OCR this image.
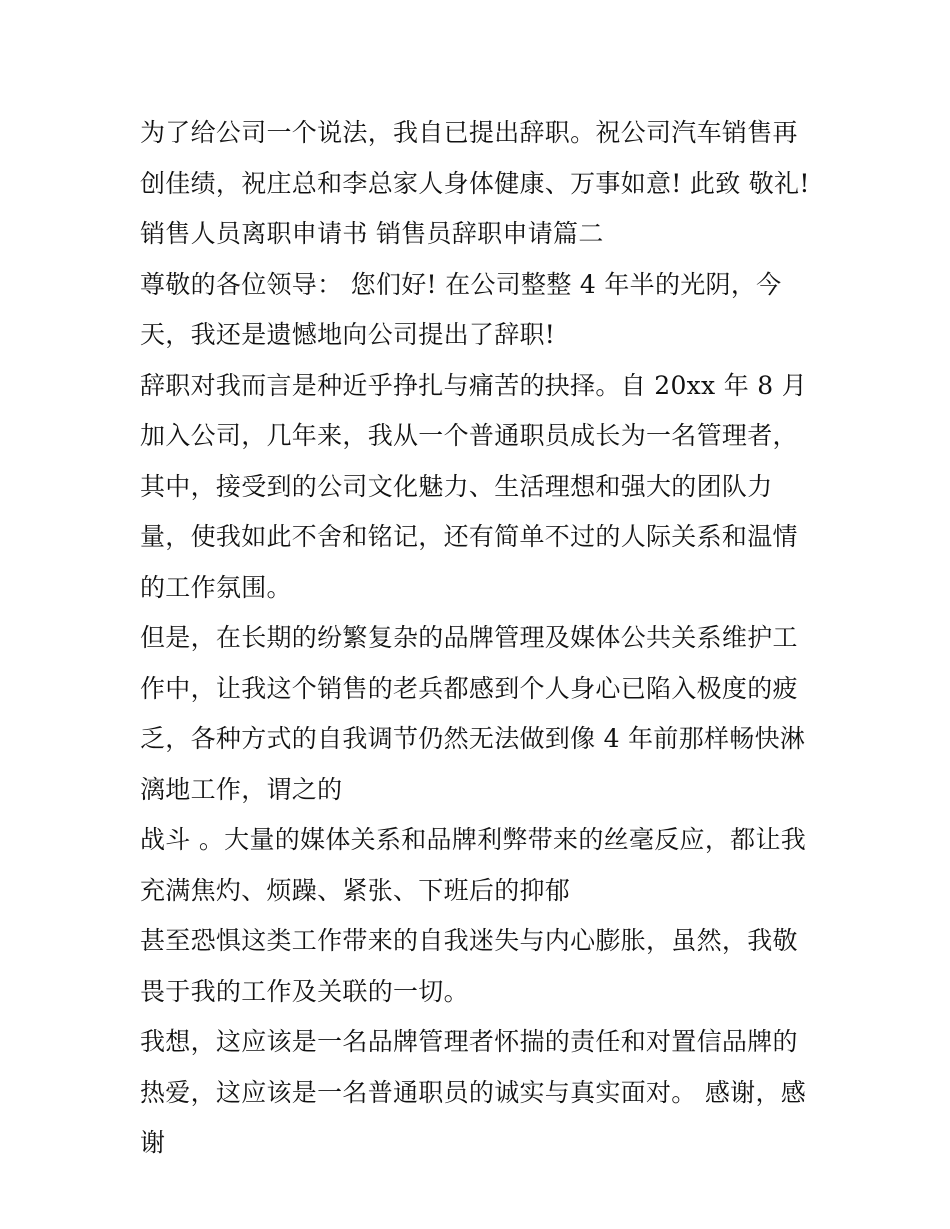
为了给公司一个说法，我自已提出辞职。祝公司汽车销售再创佳绩，祝庄总和李总家人身体健康、万事如意! 此致 敬礼! 销售人员离职申请书 销售员辞职申请篇二

尊敬的各位领导： 您们好! 在公司整整 4 年半的光阴，今天，我还是遗憾地向公司提出了辞职!

辞职对我而言是种近乎挣扎与痛苦的抉择。自 20xx 年 8 月加入公司，几年来，我从一个普通职员成长为一名管理者，其中，接受到的公司文化魅力、生活理想和强大的团队力量，使我如此不舍和铭记，还有简单不过的人际关系和温情的工作氛围。

但是，在长期的纷繁复杂的品牌管理及媒体公共关系维护工作中，让我这个销售的老兵都感到个人身心已陷入极度的疲乏，各种方式的自我调节仍然无法做到像 4 年前那样畅快淋漓地工作，谓之的

战斗 。大量的媒体关系和品牌利弊带来的丝毫反应，都让我充满焦灼、烦躁、紧张、下班后的抑郁

甚至恐惧这类工作带来的自我迷失与内心膨胀，虽然，我敬畏于我的工作及关联的一切。

我想，这应该是一名品牌管理者怀揣的责任和对置信品牌的热爱，这应该是一名普通职员的诚实与真实面对。 感谢，感谢
